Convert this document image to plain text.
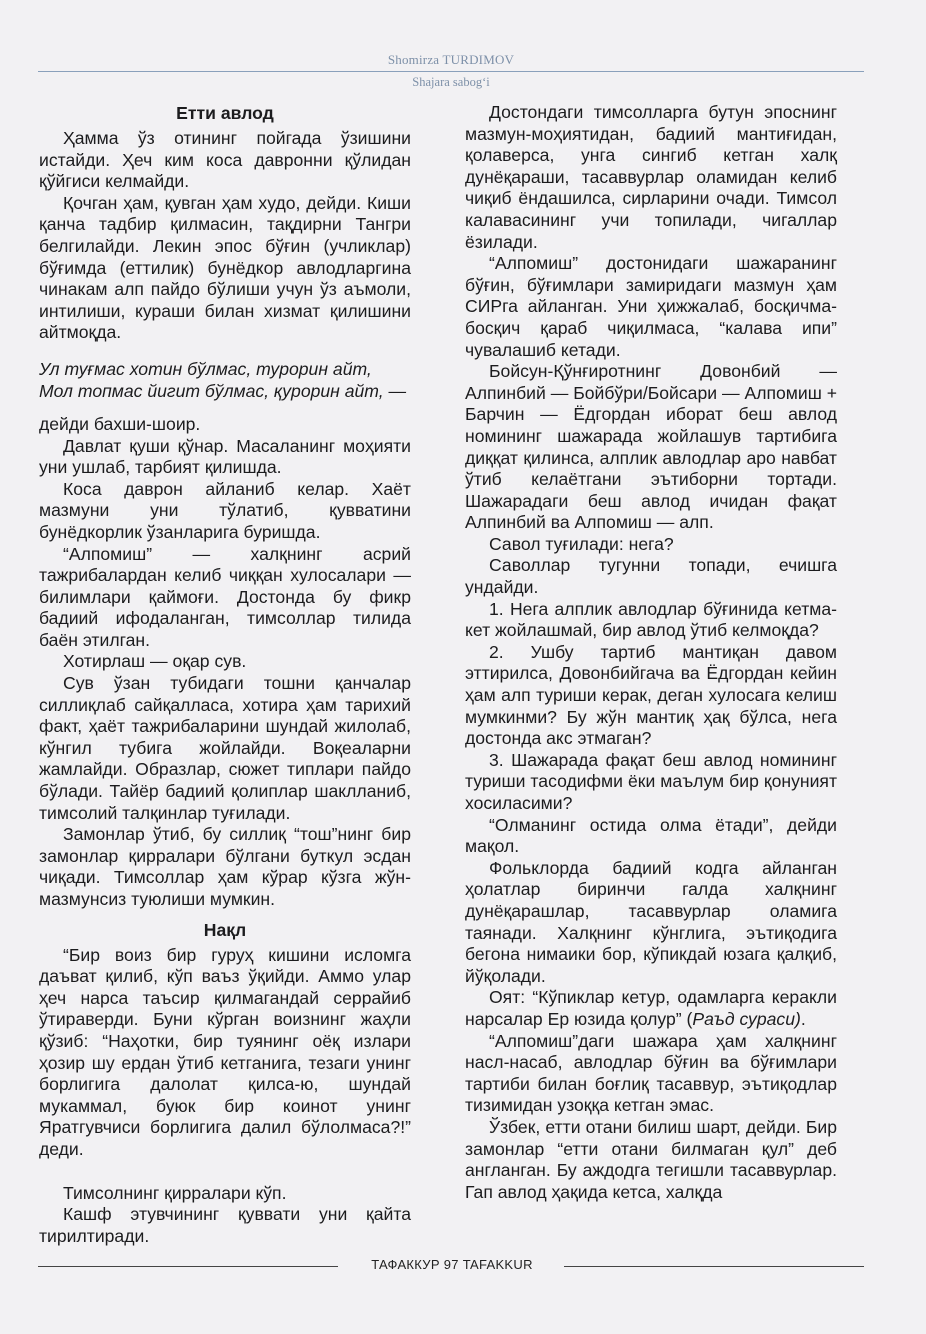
Shomirza TURDIMOV
Shajara sabog‘i
Етти авлод

Ҳамма ўз отининг пойгада ўзишини истайди. Ҳеч ким коса давронни қўлидан қўйгиси келмайди.

Қочган ҳам, қувган ҳам худо, дейди. Киши қанча тадбир қилмасин, тақдирни Тангри белгилайди. Лекин эпос бўғин (учликлар) бўғимда (еттилик) бунёдкор авлодларгина чинакам алп пайдо бўлиши учун ўз аъмоли, интилиши, кураши билан хизмат қилишини айтмоқда.

Ул туғмас хотин бўлмас, турорин айт,
Мол топмас йигит бўлмас, қурорин айт, —

дейди бахши-шоир.

Давлат қуши қўнар. Масаланинг моҳияти уни ушлаб, тарбият қилишда.

Коса даврон айланиб келар. Хаёт мазмуни уни тўлатиб, қувватини бунёдкорлик ўзанларига буришда.

“Алпомиш” — халқнинг асрий тажрибалардан келиб чиққан хулосалари — билимлари қаймоғи. Достонда бу фикр бадиий ифодаланган, тимсоллар тилида баён этилган.

Хотирлаш — оқар сув.

Сув ўзан тубидаги тошни қанчалар силлиқлаб сайқалласа, хотира ҳам тарихий факт, ҳаёт тажрибаларини шундай жилолаб, кўнгил тубига жойлайди. Воқеаларни жамлайди. Образлар, сюжет типлари пайдо бўлади. Тайёр бадиий қолиплар шаклланиб, тимсолий талқинлар туғилади.

Замонлар ўтиб, бу силлиқ “тош”нинг бир замонлар қирралари бўлгани буткул эсдан чиқади. Тимсоллар ҳам кўрар кўзга жўн-мазмунсиз туюлиши мумкин.

Нақл

“Бир воиз бир гуруҳ кишини исломга даъват қилиб, кўп ваъз ўқийди. Аммо улар ҳеч нарса таъсир қилмагандай серрайиб ўтираверди. Буни кўрган воизнинг жаҳли қўзиб: “Наҳотки, бир туянинг оёқ излари ҳозир шу ердан ўтиб кетганига, тезаги унинг борлигига далолат қилса-ю, шундай мукаммал, буюк бир коинот унинг Яратгувчиси борлигига далил бўлолмаса?!” деди.

Тимсолнинг қирралари кўп.

Кашф этувчининг қуввати уни қайта тирилтиради.

Достондаги тимсолларга бутун эпоснинг мазмун-моҳиятидан, бадиий мантиғидан, қолаверса, унга сингиб кетган халқ дунёқараши, тасаввурлар оламидан келиб чиқиб ёндашилса, сирларини очади. Тимсол калавасининг учи топилади, чигаллар ёзилади.

“Алпомиш” достонидаги шажаранинг бўғин, бўғимлари замиридаги мазмун ҳам СИРга айланган. Уни ҳижжалаб, босқичма-босқич қараб чиқилмаса, “калава ипи” чувалашиб кетади.

Бойсун-Қўнғиротнинг Довонбий — Алпинбий — Бойбўри/Бойсари — Алпомиш + Барчин — Ёдгордан иборат беш авлод номининг шажарада жойлашув тартибига диққат қилинса, алплик авлодлар аро навбат ўтиб келаётгани эътиборни тортади. Шажарадаги беш авлод ичидан фақат Алпинбий ва Алпомиш — алп.

Савол туғилади: нега?

Саволлар тугунни топади, ечишга ундайди.

1. Нега алплик авлодлар бўғинида кетма-кет жойлашмай, бир авлод ўтиб келмоқда?

2. Ушбу тартиб мантиқан давом эттирилса, Довонбийгача ва Ёдгордан кейин ҳам алп туриши керак, деган хулосага келиш мумкинми? Бу жўн мантиқ ҳақ бўлса, нега достонда акс этмаган?

3. Шажарада фақат беш авлод номининг туриши тасодифми ёки маълум бир қонуният хосиласими?

“Олманинг остида олма ётади”, дейди мақол.

Фольклорда бадиий кодга айланган ҳолатлар биринчи галда халқнинг дунёқарашлар, тасаввурлар оламига таянади. Халқнинг кўнглига, эътиқодига бегона нимаики бор, кўпикдай юзага қалқиб, йўқолади.

Оят: “Кўпиклар кетур, одамларга керакли нарсалар Ер юзида қолур” (Раъд сураси).

“Алпомиш”даги шажара ҳам халқнинг насл-насаб, авлодлар бўғин ва бўғимлари тартиби билан боғлиқ тасаввур, эътиқодлар тизимидан узоққа кетган эмас.

Ўзбек, етти отани билиш шарт, дейди. Бир замонлар “етти отани билмаган қул” деб англанган. Бу аждодга тегишли тасаввурлар. Гап авлод ҳақида кетса, халқда

ТАФАККУР 97 TAFAKKUR
